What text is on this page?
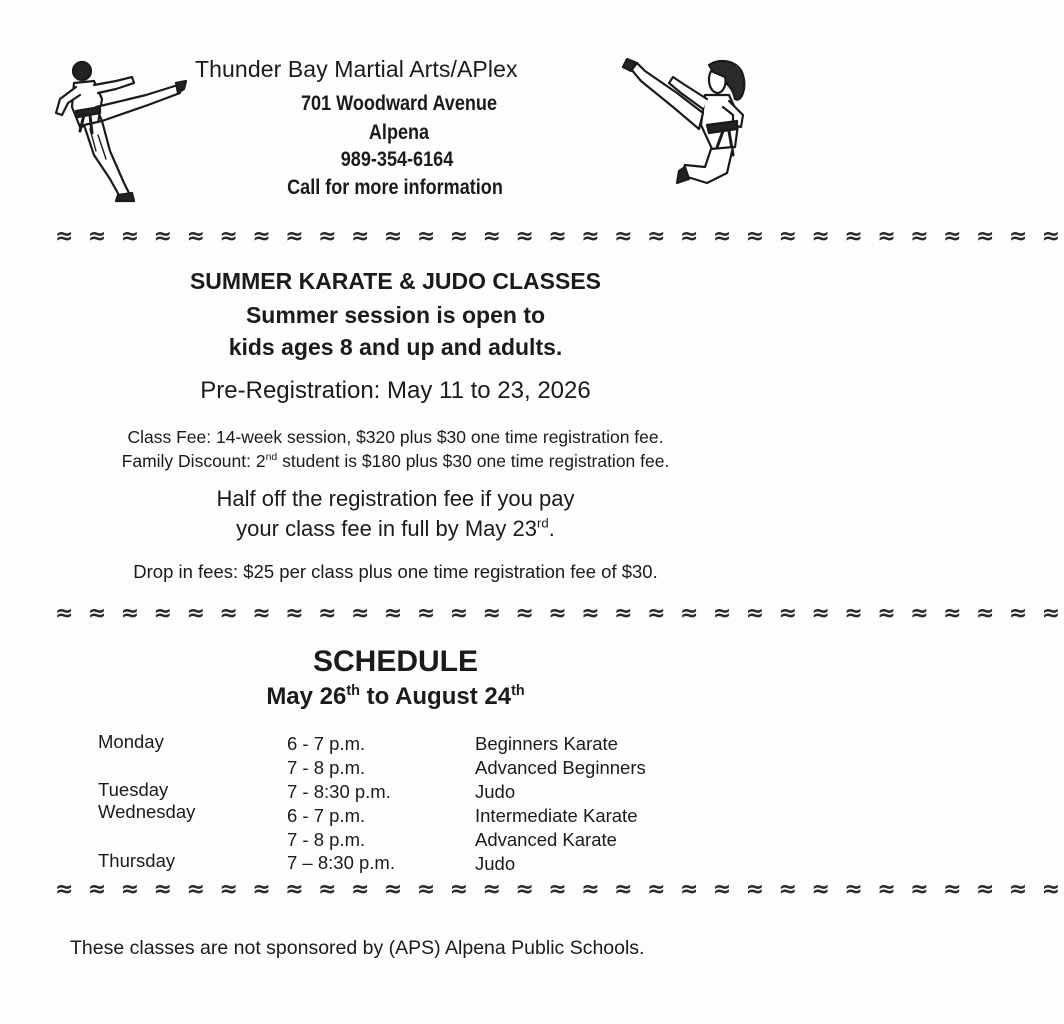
Thunder Bay Martial Arts/APlex
701 Woodward Avenue
Alpena
989-354-6164
Call for more information
≈ ≈ ≈ ≈ ≈ ≈ ≈ ≈ ≈ ≈ ≈ ≈ ≈ ≈ ≈ ≈ ≈ ≈ ≈ ≈ ≈ ≈ ≈ ≈ ≈ ≈ ≈ ≈ ≈ ≈ ≈
SUMMER KARATE & JUDO CLASSES
Summer session is open to
kids ages 8 and up and adults.
Pre-Registration: May 11 to 23, 2026
Class Fee: 14-week session, $320 plus $30 one time registration fee.
Family Discount: 2nd student is $180 plus $30 one time registration fee.
Half off the registration fee if you pay
your class fee in full by May 23rd.
Drop in fees: $25 per class plus one time registration fee of $30.
≈ ≈ ≈ ≈ ≈ ≈ ≈ ≈ ≈ ≈ ≈ ≈ ≈ ≈ ≈ ≈ ≈ ≈ ≈ ≈ ≈ ≈ ≈ ≈ ≈ ≈ ≈ ≈ ≈ ≈ ≈
SCHEDULE
May 26th to August 24th
Monday	6 - 7 p.m.	Beginners Karate
7 - 8 p.m.	Advanced Beginners
Tuesday	7 - 8:30 p.m.	Judo
Wednesday	6 - 7 p.m.	Intermediate Karate
7 - 8 p.m.	Advanced Karate
Thursday	7 – 8:30 p.m.	Judo
≈ ≈ ≈ ≈ ≈ ≈ ≈ ≈ ≈ ≈ ≈ ≈ ≈ ≈ ≈ ≈ ≈ ≈ ≈ ≈ ≈ ≈ ≈ ≈ ≈ ≈ ≈ ≈ ≈ ≈ ≈
These classes are not sponsored by (APS) Alpena Public Schools.
